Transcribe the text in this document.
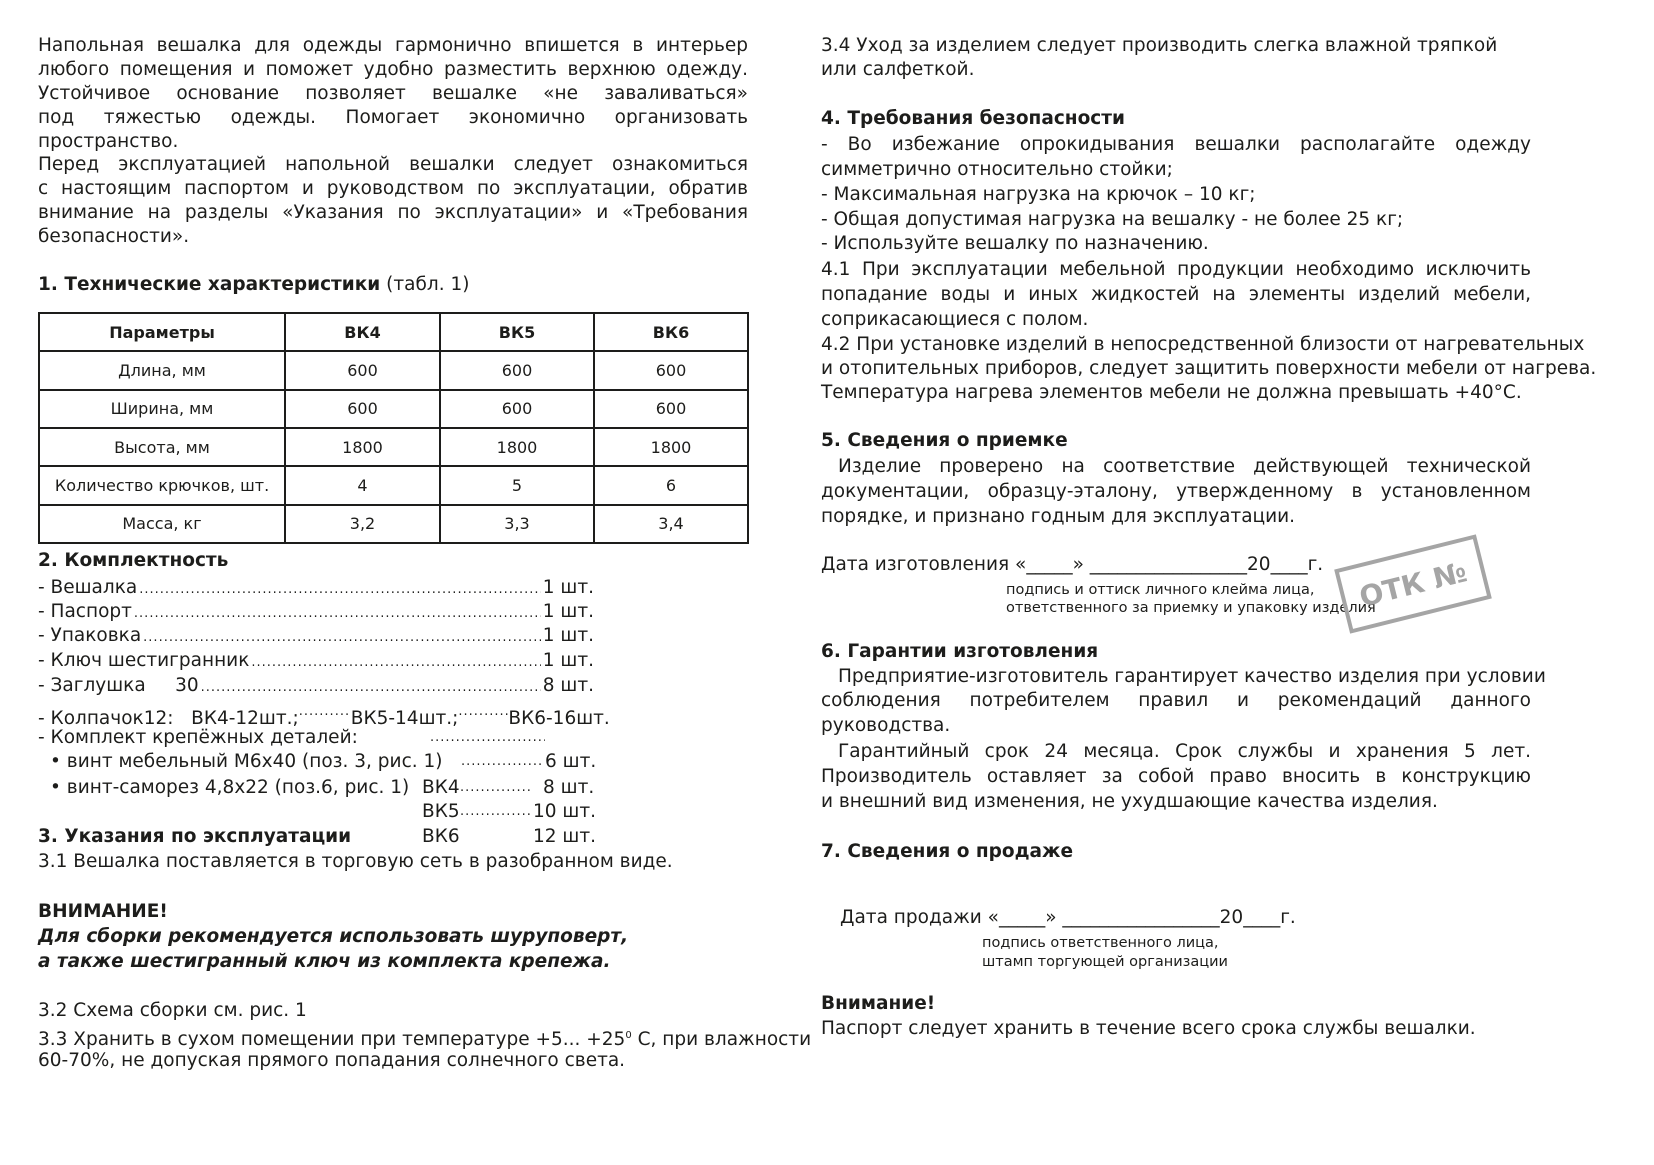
Напольная вешалка для одежды гармонично впишется в интерьер
любого помещения и поможет удобно разместить верхнюю одежду.
Устойчивое основание позволяет вешалке «не заваливаться»
под тяжестью одежды. Помогает экономично организовать
пространство.
Перед эксплуатацией напольной вешалки следует ознакомиться
с настоящим паспортом и руководством по эксплуатации, обратив
внимание на разделы «Указания по эксплуатации» и «Требования
безопасности».
1. Технические характеристики (табл. 1)
Параметры	ВК4	ВК5	ВК6
Длина, мм	600	600	600
Ширина, мм	600	600	600
Высота, мм	1800	1800	1800
Количество крючков, шт.	4	5	6
Масса, кг	3,2	3,3	3,4
2. Комплектность
- Вешалка .....	1 шт.
- Паспорт .....	1 шт.
- Упаковка .....	1 шт.
- Ключ шестигранник .....	1 шт.
- Заглушка     30 .....	8 шт.
- Колпачок12: ВК4-12шт.; .....	ВК5-14шт.; .....	ВК6-16шт.
- Комплект крепёжных деталей:
.....
• винт мебельный М6х40 (поз. 3, рис. 1) .....	6 шт.
• винт-саморез 4,8х22 (поз.6, рис. 1) ВК4 .....	8 шт.
ВК5 .....	10 шт.
ВК6	12 шт.
3. Указания по эксплуатации
3.1 Вешалка поставляется в торговую сеть в разобранном виде.
ВНИМАНИЕ!
Для сборки рекомендуется использовать шуруповерт,
а также шестигранный ключ из комплекта крепежа.
3.2 Схема сборки см. рис. 1
3.3 Хранить в сухом помещении при температуре +5... $+25^0$ С, при влажности
60-70%, не допуская прямого попадания солнечного света.
3.4 Уход за изделием следует производить слегка влажной тряпкой
или салфеткой.
4. Требования безопасности
- Во избежание опрокидывания вешалки располагайте одежду
симметрично относительно стойки;
- Максимальная нагрузка на крючок – 10 кг;
- Общая допустимая нагрузка на вешалку - не более 25 кг;
- Используйте вешалку по назначению.
4.1 При эксплуатации мебельной продукции необходимо исключить
попадание воды и иных жидкостей на элементы изделий мебели,
соприкасающиеся с полом.
4.2 При установке изделий в непосредственной близости от нагревательных
и отопительных приборов, следует защитить поверхности мебели от нагрева.
Температура нагрева элементов мебели не должна превышать +40°С.
5. Сведения о приемке
Изделие проверено на соответствие действующей технической
документации, образцу-эталону, утвержденному в установленном
порядке, и признано годным для эксплуатации.
Дата изготовления «_____» _________________20____г.
подпись и оттиск личного клейма лица,
ответственного за приемку и упаковку изделия
6. Гарантии изготовления
Предприятие-изготовитель гарантирует качество изделия при условии
соблюдения потребителем правил и рекомендаций данного
руководства.
Гарантийный срок 24 месяца. Срок службы и хранения 5 лет.
Производитель оставляет за собой право вносить в конструкцию
и внешний вид изменения, не ухудшающие качества изделия.
7. Сведения о продаже
Дата продажи «_____» _________________20____г.
подпись ответственного лица,
штамп торгующей организации
Внимание!
Паспорт следует хранить в течение всего срока службы вешалки.
ОТК №
